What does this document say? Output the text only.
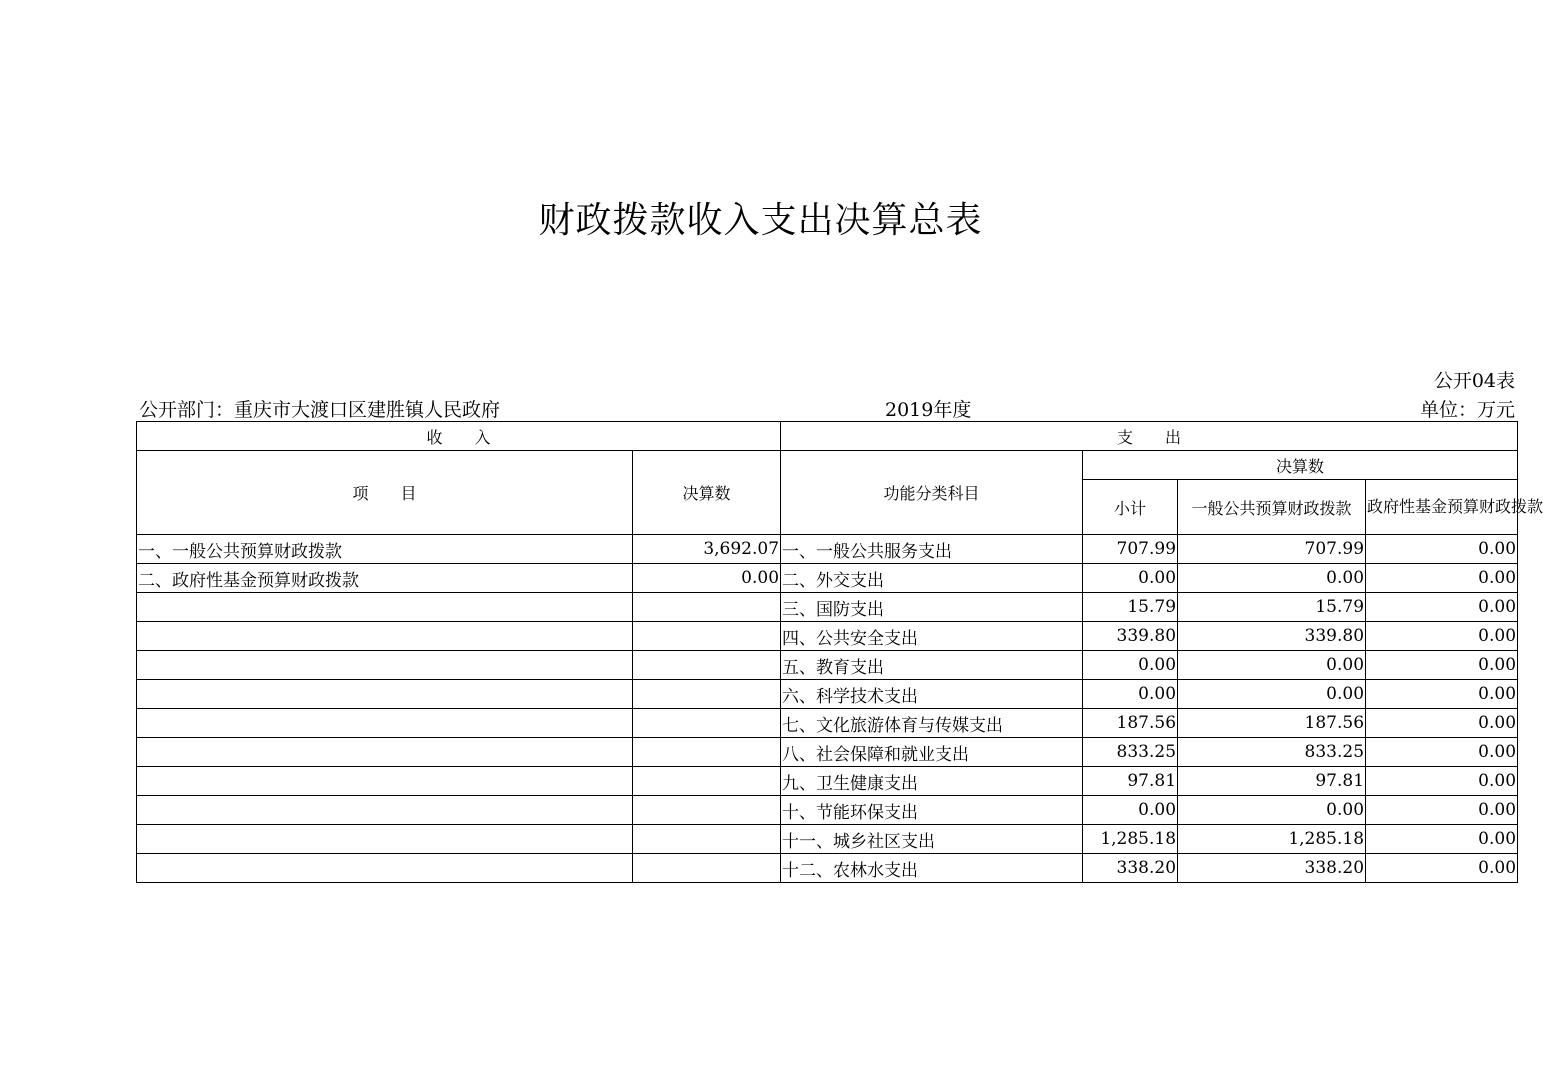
财政拨款收入支出决算总表
公开04表
公开部门：重庆市大渡口区建胜镇人民政府	2019年度	单位：万元
收　　入		支　　出			
项　　目	决算数	功能分类科目	决算数		
			小计	一般公共预算财政拨款	政府性基金预算财政拨款
一、一般公共预算财政拨款	3,692.07	一、一般公共服务支出	707.99	707.99	0.00
二、政府性基金预算财政拨款	0.00	二、外交支出	0.00	0.00	0.00
		三、国防支出	15.79	15.79	0.00
		四、公共安全支出	339.80	339.80	0.00
		五、教育支出	0.00	0.00	0.00
		六、科学技术支出	0.00	0.00	0.00
		七、文化旅游体育与传媒支出	187.56	187.56	0.00
		八、社会保障和就业支出	833.25	833.25	0.00
		九、卫生健康支出	97.81	97.81	0.00
		十、节能环保支出	0.00	0.00	0.00
		十一、城乡社区支出	1,285.18	1,285.18	0.00
		十二、农林水支出	338.20	338.20	0.00
